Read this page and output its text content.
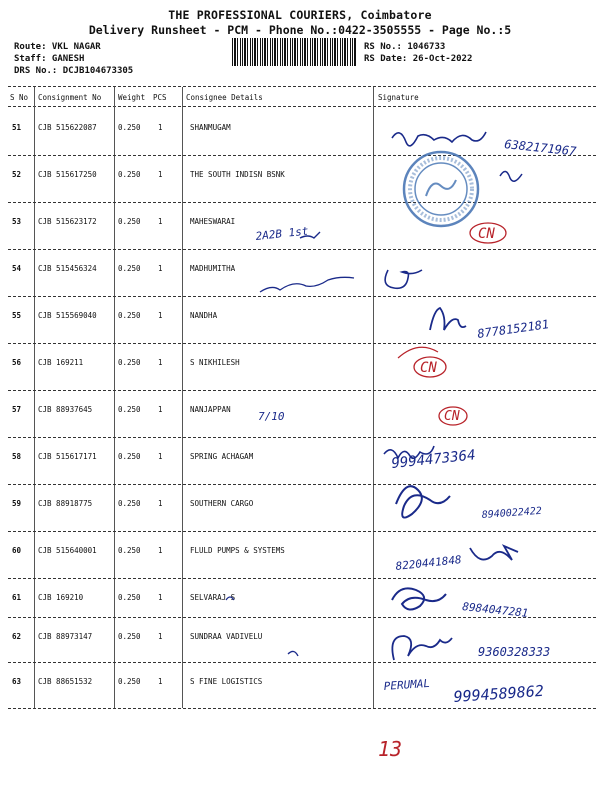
THE PROFESSIONAL COURIERS, Coimbatore
Delivery Runsheet - PCM - Phone No.:0422-3505555 - Page No.:5
Route: VKL NAGAR
Staff: GANESH
DRS No.: DCJB104673305
RS No.: 1046733
RS Date: 26-Oct-2022
S No Consignment No Weight PCS	Consignee Details	Signature
51 CJB 515622087	0.250 1	SHANMUGAM
52 CJB 515617250	0.250 1	THE SOUTH INDISN BSNK
53 CJB 515623172	0.250 1	MAHESWARAI
54 CJB 515456324	0.250 1	MADHUMITHA
55 CJB 515569040	0.250 1	NANDHA
56 CJB 169211	0.250 1	S NIKHILESH
57 CJB 88937645	0.250 1	NANJAPPAN
58 CJB 515617171	0.250 1	SPRING ACHAGAM
59 CJB 88918775	0.250 1	SOUTHERN CARGO
60 CJB 515640001	0.250 1	FLULD PUMPS & SYSTEMS
61 CJB 169210	0.250 1	SELVARAJ S
62 CJB 88973147	0.250 1	SUNDRAA VADIVELU
63 CJB 88651532	0.250 1	S FINE LOGISTICS
6382171967
2A2B 1st	CN
8778152181
CN
7/10	CN
9994473364
8940022422
8220441848
8984047281
9360328333
PERUMAL 9994589862
13
